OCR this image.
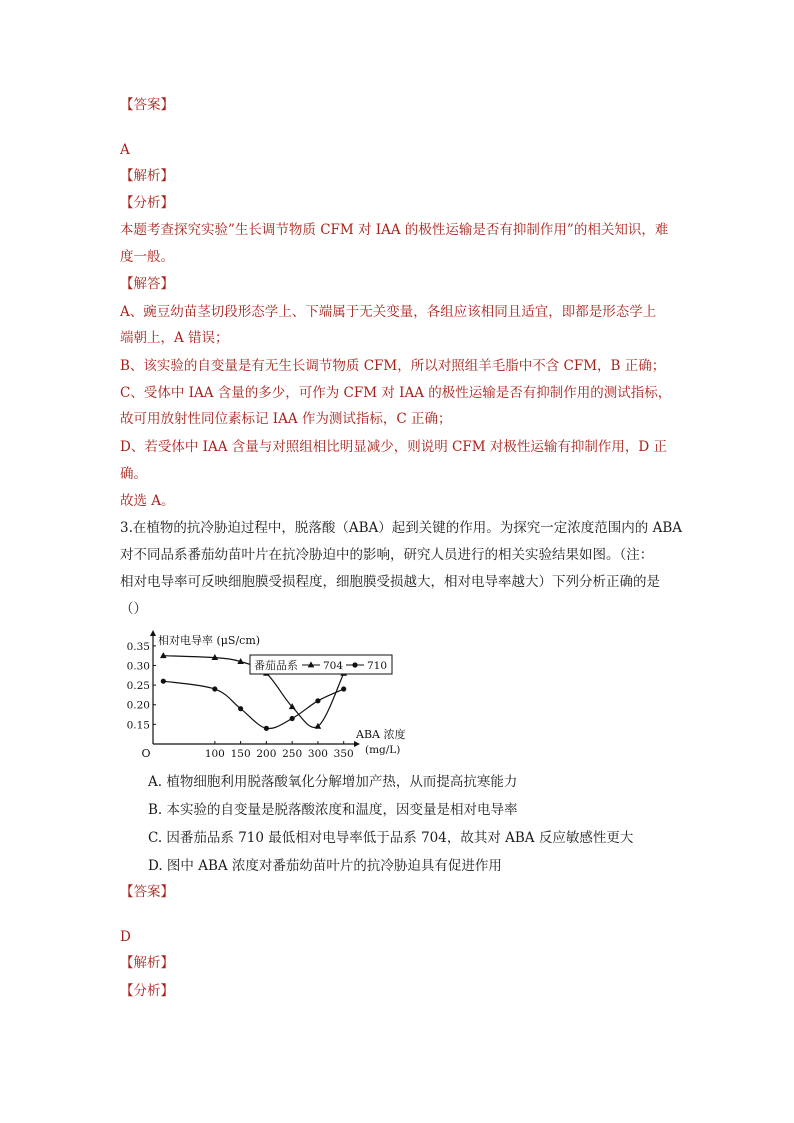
【答案】
A
【解析】
【分析】
本题考查探究实验”生长调节物质 CFM 对 IAA 的极性运输是否有抑制作用”的相关知识，难
度一般。
【解答】
A、豌豆幼苗茎切段形态学上、下端属于无关变量，各组应该相同且适宜，即都是形态学上
端朝上，A 错误；
B、该实验的自变量是有无生长调节物质 CFM，所以对照组羊毛脂中不含 CFM，B 正确；
C、受体中 IAA 含量的多少，可作为 CFM 对 IAA 的极性运输是否有抑制作用的测试指标，
故可用放射性同位素标记 IAA 作为测试指标，C 正确；
D、若受体中 IAA 含量与对照组相比明显减少，则说明 CFM 对极性运输有抑制作用，D 正
确。
故选 A。
3.在植物的抗冷胁迫过程中，脱落酸（ABA）起到关键的作用。为探究一定浓度范围内的 ABA
对不同品系番茄幼苗叶片在抗冷胁迫中的影响，研究人员进行的相关实验结果如图。（注：
相对电导率可反映细胞膜受损程度，细胞膜受损越大，相对电导率越大）下列分析正确的是
（）
相对电导率 (μS/cm)
0.15
0.20
0.25
0.30
0.35
100 150 200 250 300 350
O
ABA 浓度
(mg/L)
番茄品系 704 710
A. 植物细胞利用脱落酸氧化分解增加产热，从而提高抗寒能力
B. 本实验的自变量是脱落酸浓度和温度，因变量是相对电导率
C. 因番茄品系 710 最低相对电导率低于品系 704，故其对 ABA 反应敏感性更大
D. 图中 ABA 浓度对番茄幼苗叶片的抗冷胁迫具有促进作用
【答案】
D
【解析】
【分析】
